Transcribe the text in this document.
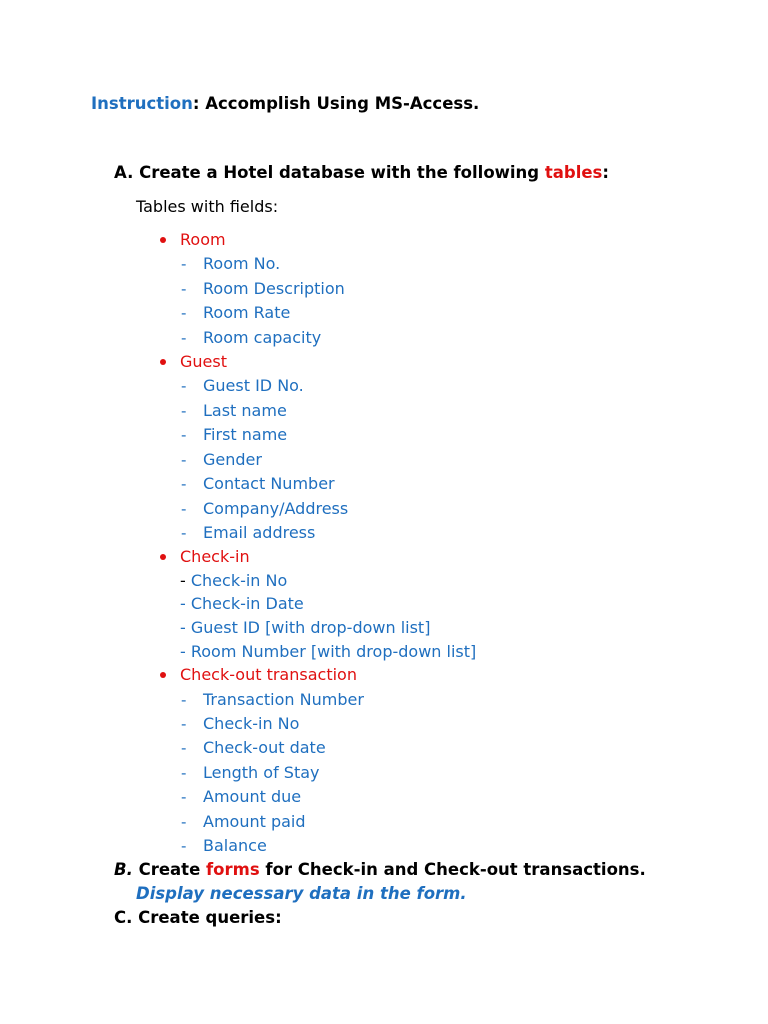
Instruction: Accomplish Using MS-Access.
A. Create a Hotel database with the following tables:
Tables with fields:
Room
- Room No.
- Room Description
- Room Rate
- Room capacity
Guest
- Guest ID No.
- Last name
- First name
- Gender
- Contact Number
- Company/Address
- Email address
Check-in
- Check-in No
- Check-in Date
- Guest ID [with drop-down list]
- Room Number [with drop-down list]
Check-out transaction
- Transaction Number
- Check-in No
- Check-out date
- Length of Stay
- Amount due
- Amount paid
- Balance
B. Create forms for Check-in and Check-out transactions.
Display necessary data in the form.
C. Create queries:
